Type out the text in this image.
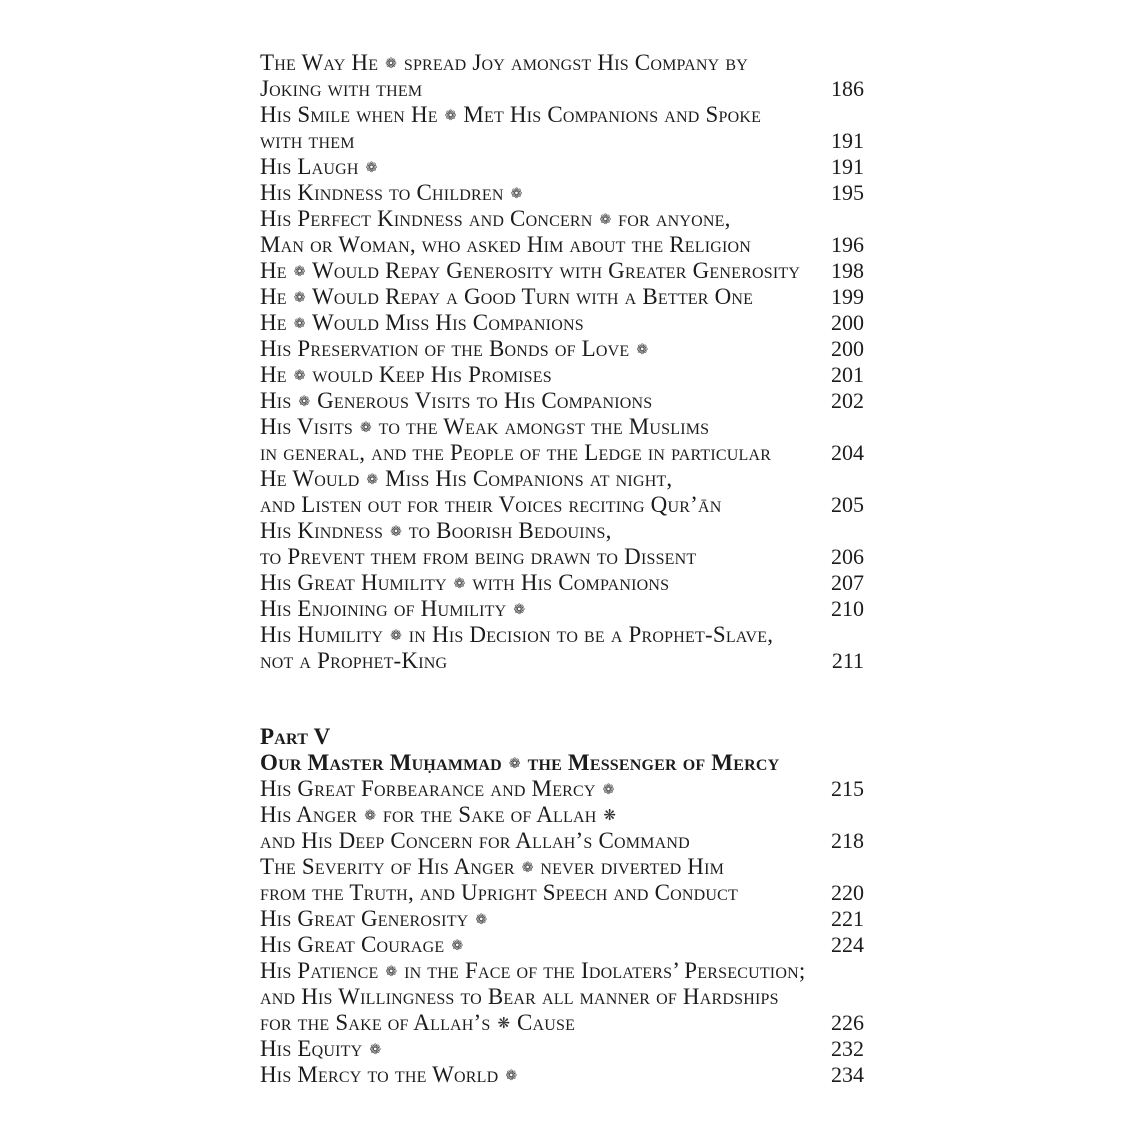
The Way He ❁ spread Joy amongst His Company by
Joking with them	186
His Smile when He ❁ Met His Companions and Spoke
with them	191
His Laugh ❁	191
His Kindness to Children ❁	195
His Perfect Kindness and Concern ❁ for anyone,
Man or Woman, who asked Him about the Religion	196
He ❁ Would Repay Generosity with Greater Generosity	198
He ❁ Would Repay a Good Turn with a Better One	199
He ❁ Would Miss His Companions	200
His Preservation of the Bonds of Love ❁	200
He ❁ would Keep His Promises	201
His ❁ Generous Visits to His Companions	202
His Visits ❁ to the Weak amongst the Muslims
in general, and the People of the Ledge in particular	204
He Would ❁ Miss His Companions at night,
and Listen out for their Voices reciting Qur’ān	205
His Kindness ❁ to Boorish Bedouins,
to Prevent them from being drawn to Dissent	206
His Great Humility ❁ with His Companions	207
His Enjoining of Humility ❁	210
His Humility ❁ in His Decision to be a Prophet-Slave,
not a Prophet-King	211
Part V
Our Master Muḥammad ❁ the Messenger of Mercy
His Great Forbearance and Mercy ❁	215
His Anger ❁ for the Sake of Allah ❋
and His Deep Concern for Allah’s Command	218
The Severity of His Anger ❁ never diverted Him
from the Truth, and Upright Speech and Conduct	220
His Great Generosity ❁	221
His Great Courage ❁	224
His Patience ❁ in the Face of the Idolaters’ Persecution;
and His Willingness to Bear all manner of Hardships
for the Sake of Allah’s ❋ Cause	226
His Equity ❁	232
His Mercy to the World ❁	234
